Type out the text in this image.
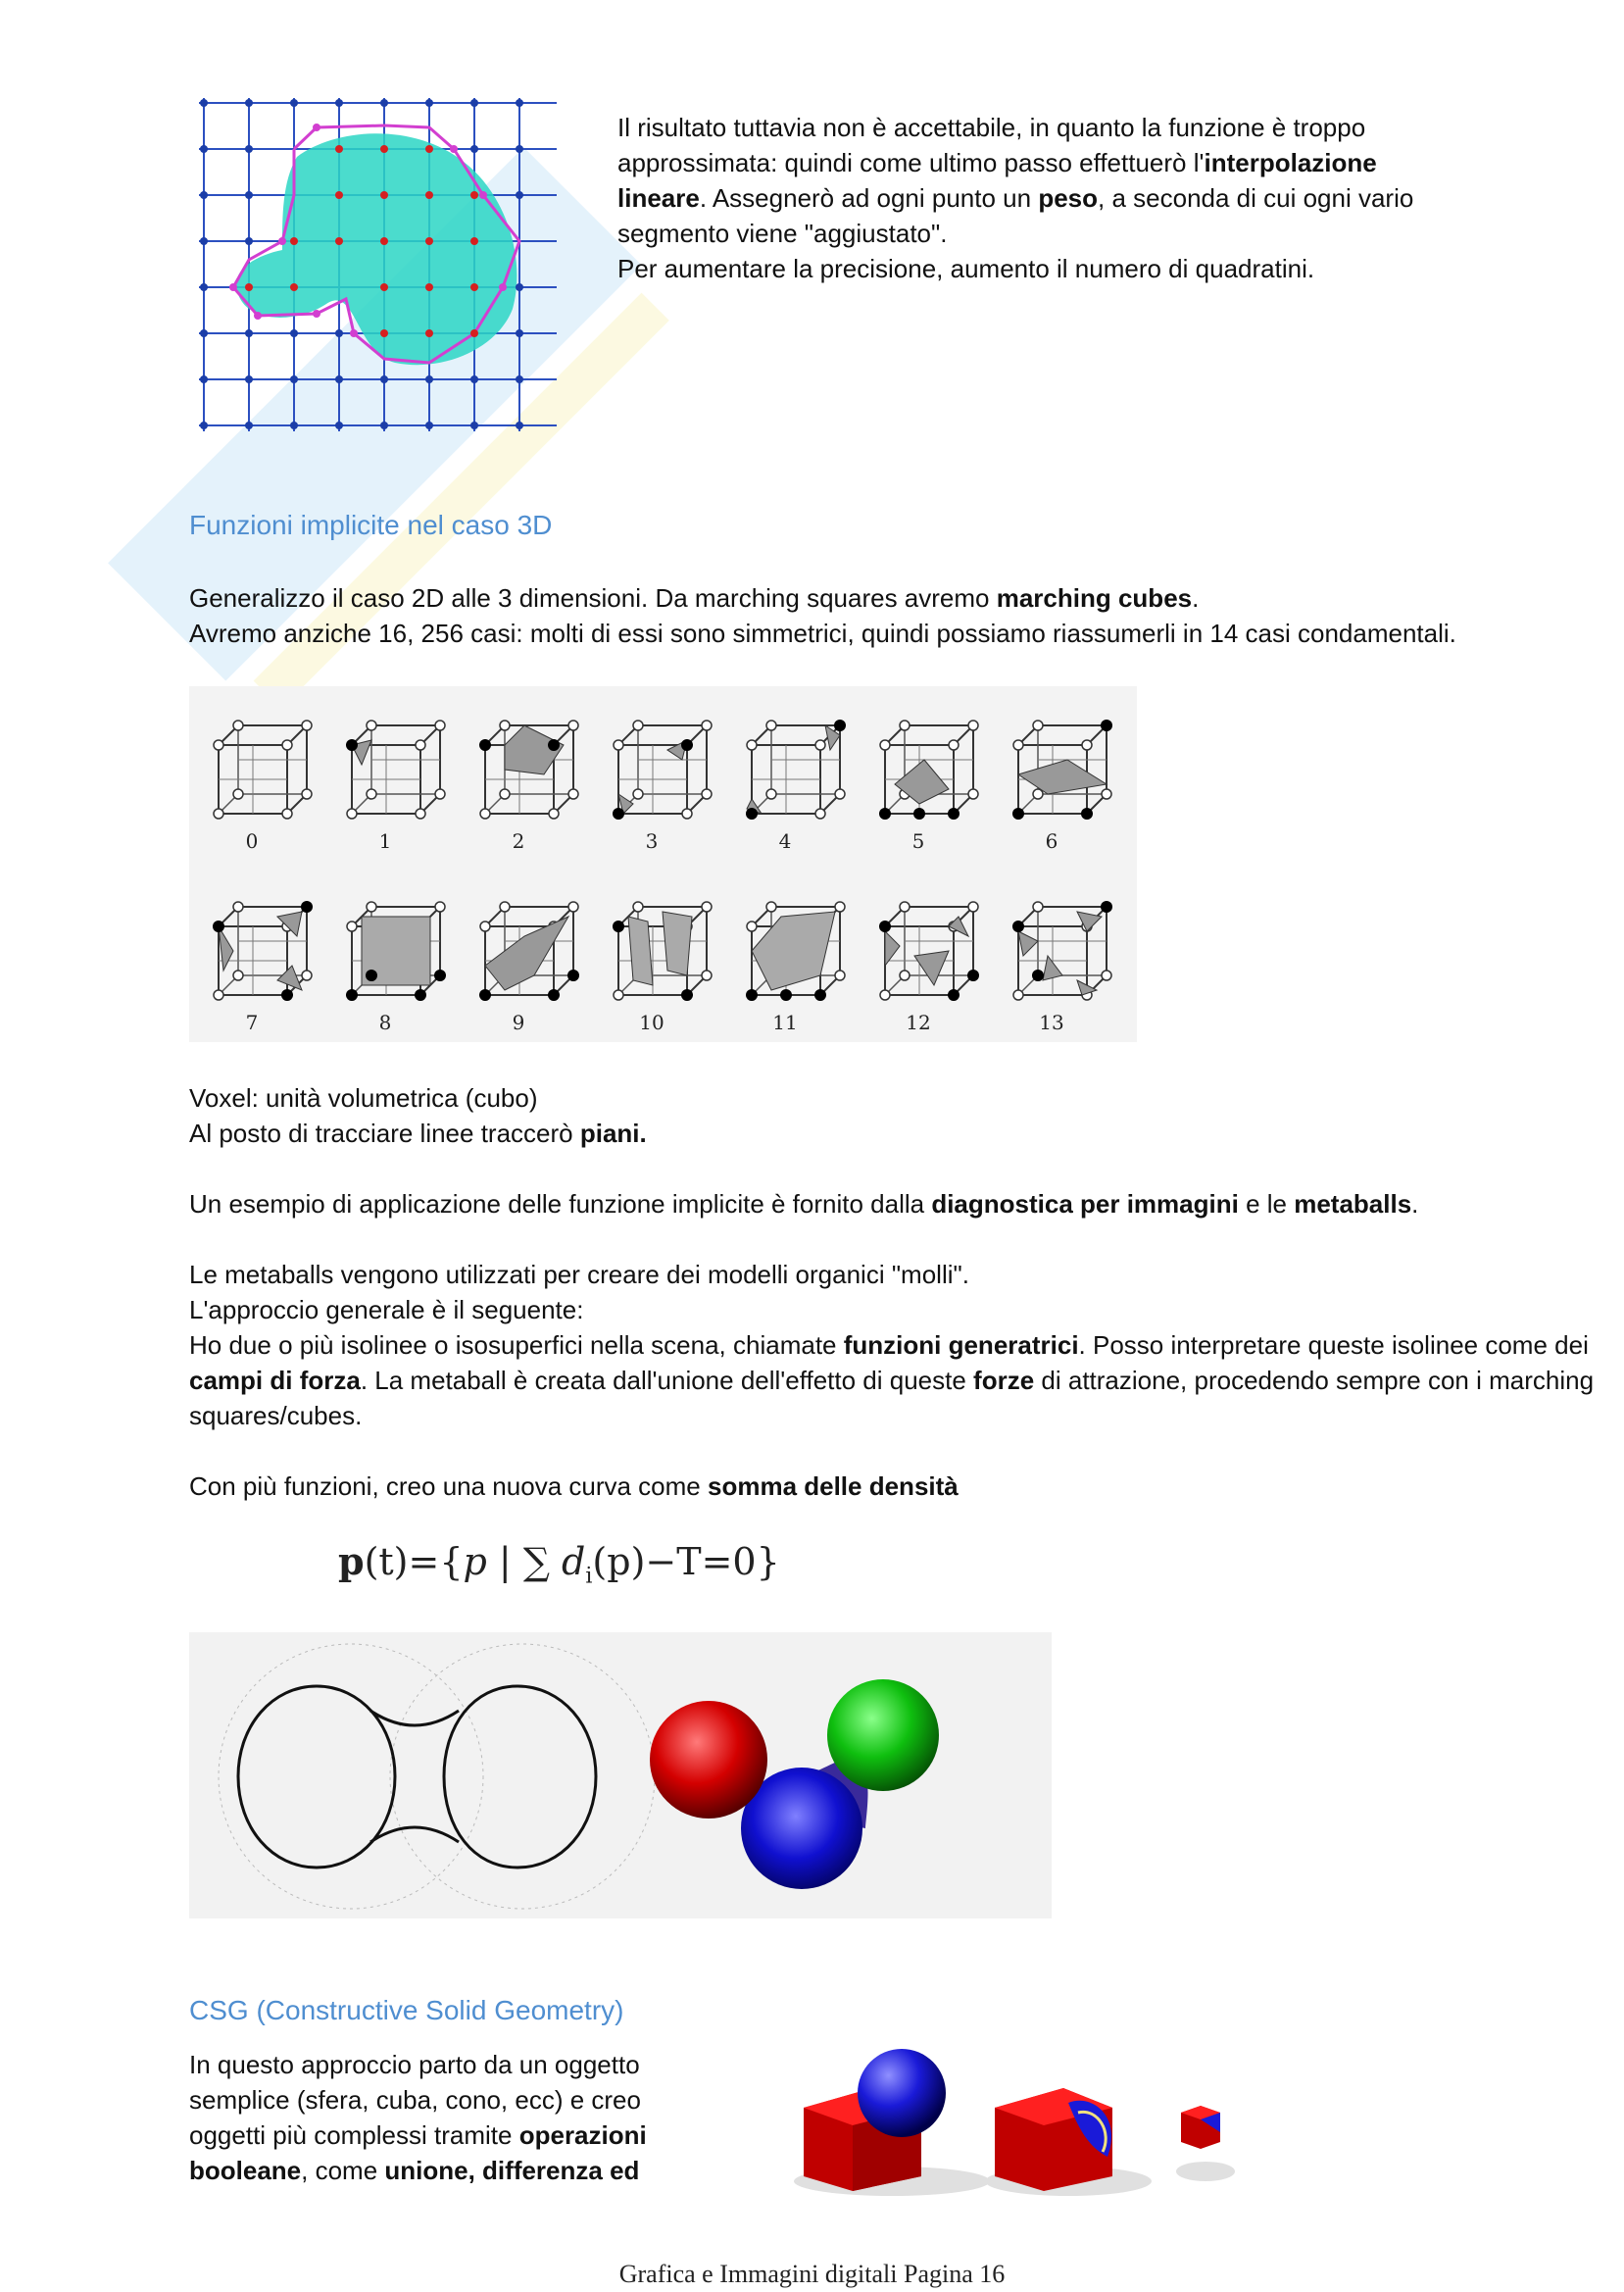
Il risultato tuttavia non è accettabile, in quanto la funzione è troppo approssimata: quindi come ultimo passo effettuerò l'interpolazione lineare. Assegnerò ad ogni punto un peso, a seconda di cui ogni vario segmento viene "aggiustato".

Per aumentare la precisione, aumento il numero di quadratini.

Funzioni implicite nel caso 3D

Generalizzo il caso 2D alle 3 dimensioni. Da marching squares avremo marching cubes.

Avremo anziche 16, 256 casi: molti di essi sono simmetrici, quindi possiamo riassumerli in 14 casi condamentali.

0	1	2	3	4	5	6
7	8	9	10	11	12	13

Voxel: unità volumetrica (cubo)

Al posto di tracciare linee traccerò piani.

Un esempio di applicazione delle funzione implicite è fornito dalla diagnostica per immagini e le metaballs.

Le metaballs vengono utilizzati per creare dei modelli organici "molli".

L'approccio generale è il seguente:

Ho due o più isolinee o isosuperfici nella scena, chiamate funzioni generatrici. Posso interpretare queste isolinee come dei campi di forza. La metaball è creata dall'unione dell'effetto di queste forze di attrazione, procedendo sempre con i marching squares/cubes.

Con più funzioni, creo una nuova curva come somma delle densità

p(t)={p | ∑ $d_i(p)-T=0$}
CSG (Constructive Solid Geometry)

In questo approccio parto da un oggetto semplice (sfera, cuba, cono, ecc) e creo oggetti più complessi tramite operazioni booleane, come unione, differenza ed

Grafica e Immagini digitali Pagina 16
